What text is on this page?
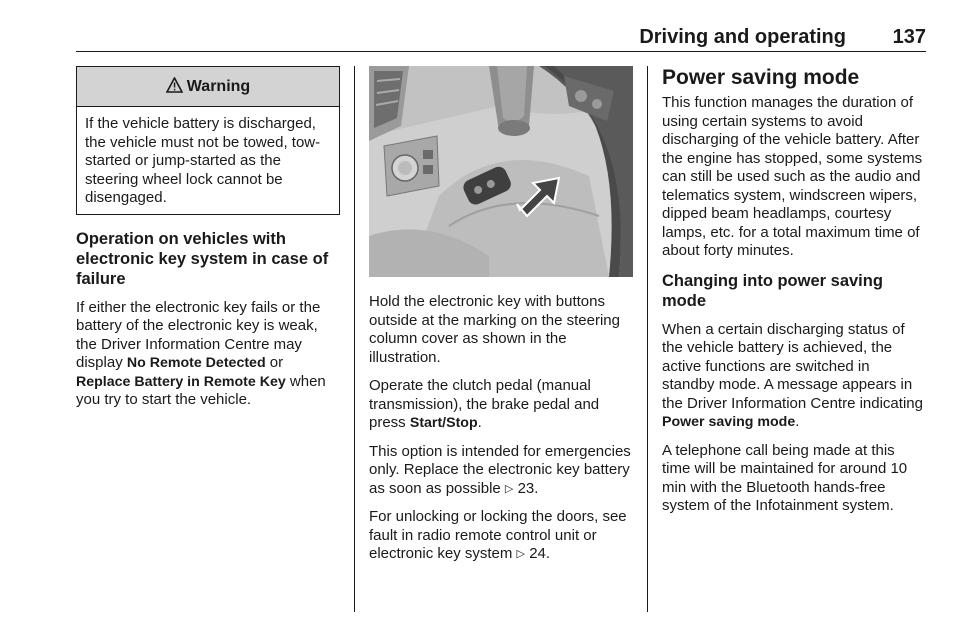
Driving and operating 137
Warning
If the vehicle battery is discharged, the vehicle must not be towed, tow-started or jump-started as the steering wheel lock cannot be disengaged.
Operation on vehicles with electronic key system in case of failure
If either the electronic key fails or the battery of the electronic key is weak, the Driver Information Centre may display No Remote Detected or Replace Battery in Remote Key when you try to start the vehicle.
Hold the electronic key with buttons outside at the marking on the steering column cover as shown in the illustration.
Operate the clutch pedal (manual transmission), the brake pedal and press Start/Stop.
This option is intended for emergencies only. Replace the electronic key battery as soon as possible ▷ 23.
For unlocking or locking the doors, see fault in radio remote control unit or electronic key system ▷ 24.
Power saving mode
This function manages the duration of using certain systems to avoid discharging of the vehicle battery. After the engine has stopped, some systems can still be used such as the audio and telematics system, windscreen wipers, dipped beam headlamps, courtesy lamps, etc. for a total maximum time of about forty minutes.
Changing into power saving mode
When a certain discharging status of the vehicle battery is achieved, the active functions are switched in standby mode. A message appears in the Driver Information Centre indicating Power saving mode.
A telephone call being made at this time will be maintained for around 10 min with the Bluetooth hands-free system of the Infotainment system.
